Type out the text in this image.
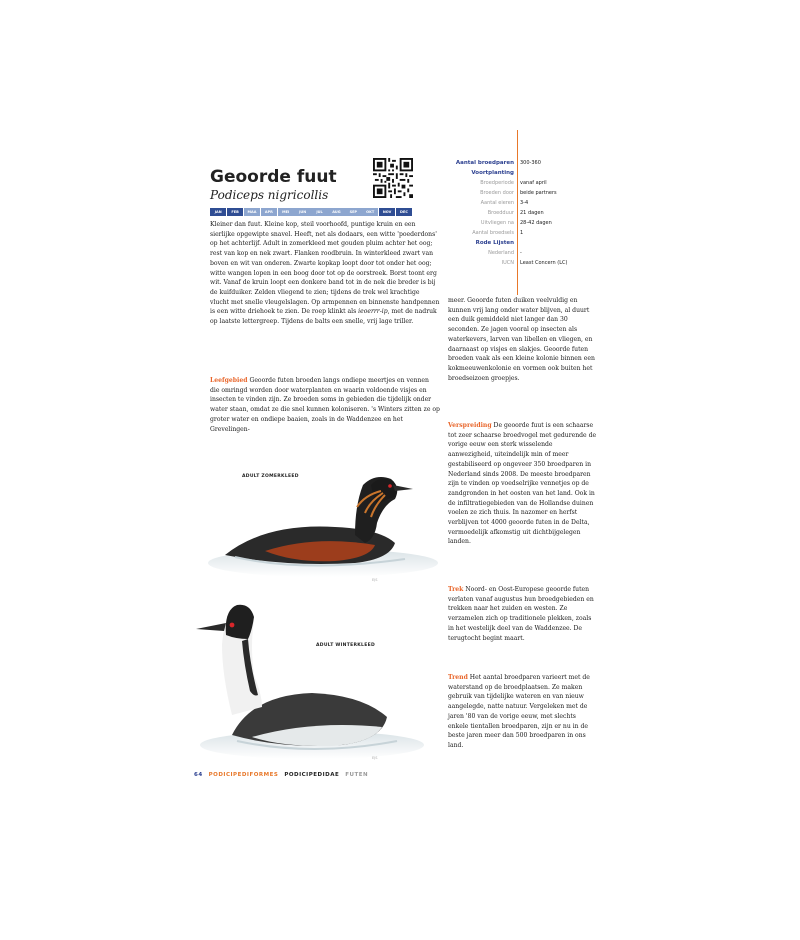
Geoorde fuut
Podiceps nigricollis
JAN	FEB	MAA	APR	MEI	JUN	JUL	AUG	SEP	OKT	NOV	DEC
Aantal broedparen	300-360
Voortplanting
Broedperiode	vanaf april
Broeden door	beide partners
Aantal eieren	3-4
Broedduur	21 dagen
Uitvliegen na	28-42 dagen
Aantal broedsels	1
Rode Lijsten
Nederland	-
IUCN	Least Concern (LC)

Kleiner dan fuut. Kleine kop, steil voorhoofd, puntige kruin en een sierlijke opgewipte snavel. Heeft, net als dodaars, een witte 'poederdons' op het achterlijf. Adult in zomerkleed met gouden pluim achter het oog; rest van kop en nek zwart. Flanken roodbruin. In winterkleed zwart van boven en wit van onderen. Zwarte kopkap loopt door tot onder het oog; witte wangen lopen in een boog door tot op de oorstreek. Borst toont erg wit. Vanaf de kruin loopt een donkere band tot in de nek die breder is bij de kuifduiker. Zelden vliegend te zien; tijdens de trek wel krachtige vlucht met snelle vleugelslagen. Op armpennen en binnenste handpennen is een witte driehoek te zien. De roep klinkt als ieoerrr-ip, met de nadruk op laatste lettergreep. Tijdens de balts een snelle, vrij lage triller.

Leefgebied Geoorde futen broeden langs ondiepe meertjes en vennen die omringd worden door waterplanten en waarin voldoende visjes en insecten te vinden zijn. Ze broeden soms in gebieden die tijdelijk onder water staan, omdat ze die snel kunnen koloniseren. 's Winters zitten ze op groter water en ondiepe baaien, zoals in de Waddenzee en het Grevelingen-

meer. Geoorde futen duiken veelvuldig en kunnen vrij lang onder water blijven, al duurt een duik gemiddeld niet langer dan 30 seconden. Ze jagen vooral op insecten als waterkevers, larven van libellen en vliegen, en daarnaast op visjes en slakjes. Geoorde futen broeden vaak als een kleine kolonie binnen een kokmeeuwenkolonie en vormen ook buiten het broedseizoen groepjes.

Verspreiding De geoorde fuut is een schaarse tot zeer schaarse broedvogel met gedurende de vorige eeuw een sterk wisselende aanwezigheid, uiteindelijk min of meer gestabiliseerd op ongeveer 350 broedparen in Nederland sinds 2008. De meeste broedparen zijn te vinden op voedselrijke vennetjes op de zandgronden in het oosten van het land. Ook in de infiltratiegebieden van de Hollandse duinen voelen ze zich thuis. In nazomer en herfst verblijven tot 4000 geoorde futen in de Delta, vermoedelijk afkomstig uit dichtbijgelegen landen.

Trek Noord- en Oost-Europese geoorde futen verlaten vanaf augustus hun broedgebieden en trekken naar het zuiden en westen. Ze verzamelen zich op traditionele plekken, zoals in het westelijk deel van de Waddenzee. De terugtocht begint maart.

Trend Het aantal broedparen varieert met de waterstand op de broedplaatsen. Ze maken gebruik van tijdelijke wateren en van nieuw aangelegde, natte natuur. Vergeleken met de jaren '80 van de vorige eeuw, met slechts enkele tientallen broedparen, zijn er nu in de beste jaren meer dan 500 broedparen in ons land.

ADULT ZOMERKLEED
EJS
ADULT WINTERKLEED
EJS
64 PODICIPEDIFORMES PODICIPEDIDAE FUTEN
